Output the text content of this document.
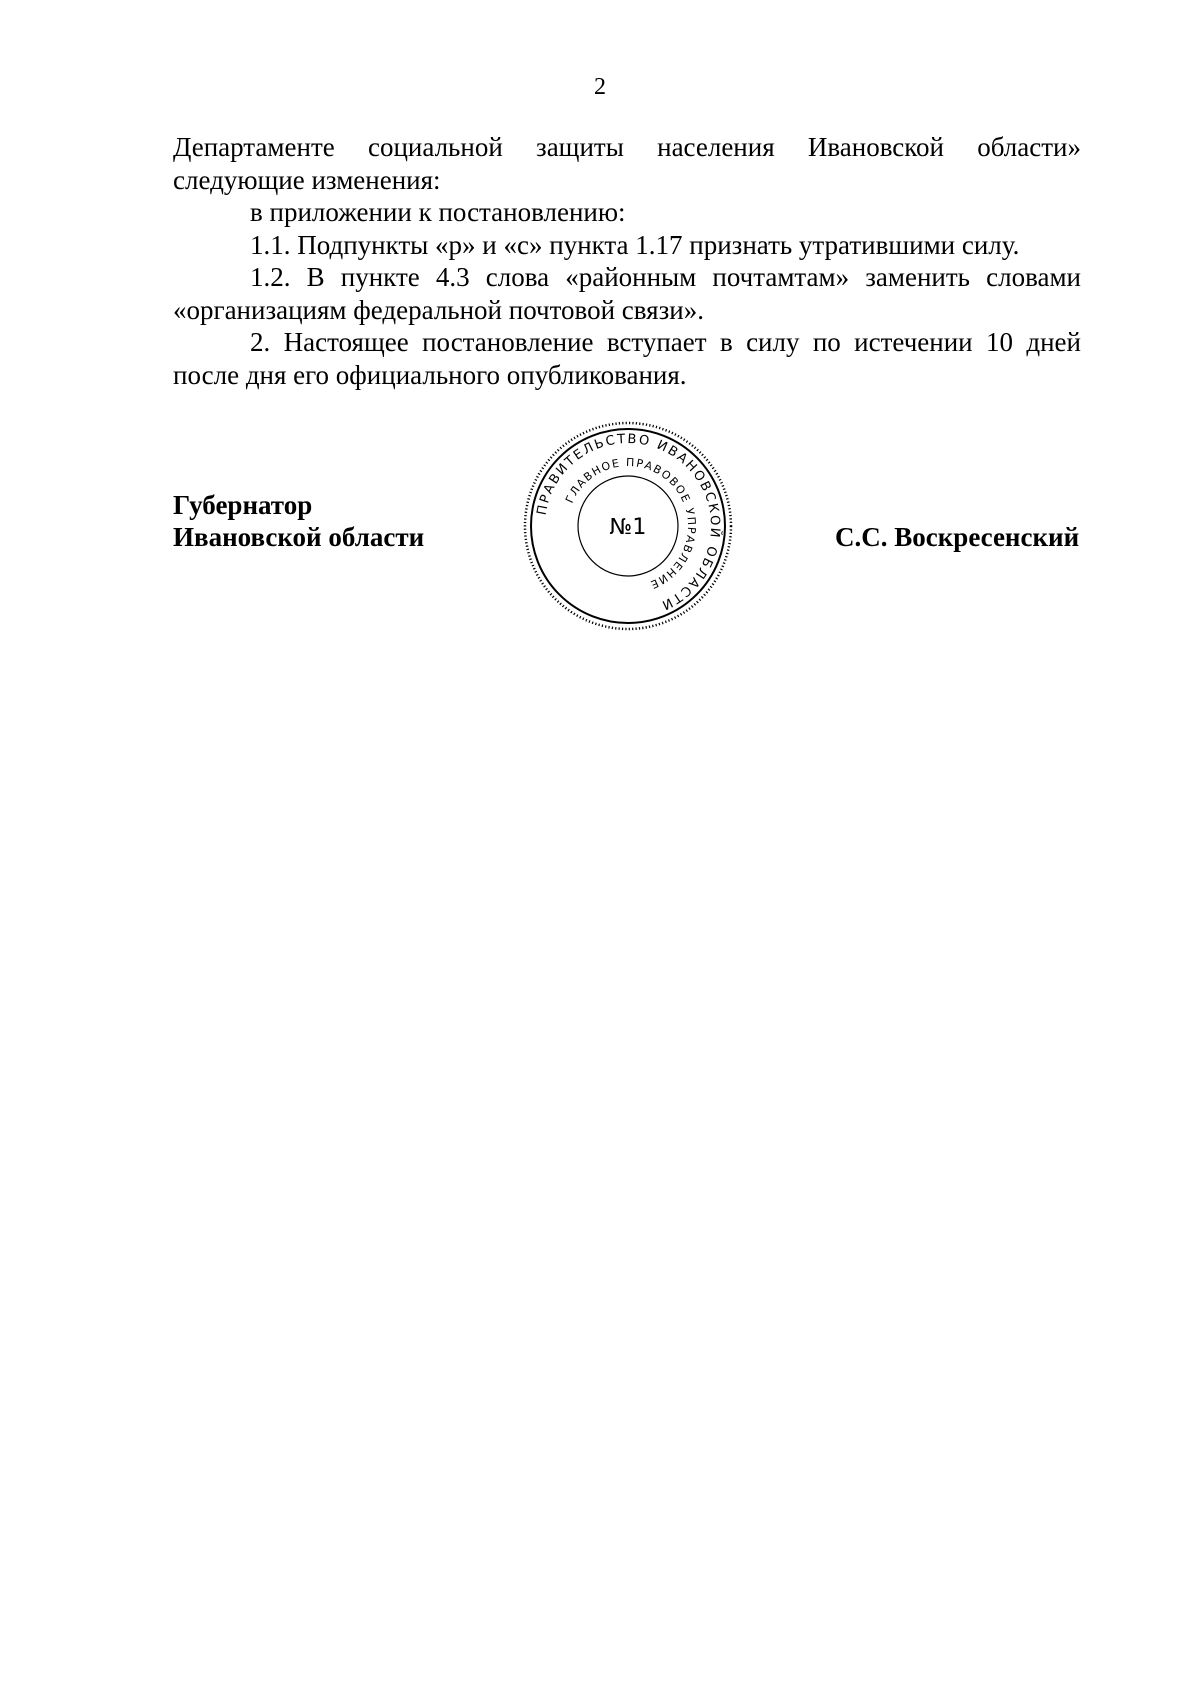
2

Департаменте социальной защиты населения Ивановской области» следующие изменения:

в приложении к постановлению:

1.1. Подпункты «р» и «с» пункта 1.17 признать утратившими силу.

1.2. В пункте 4.3 слова «районным почтамтам» заменить словами «организациям федеральной почтовой связи».

2. Настоящее постановление вступает в силу по истечении 10 дней после дня его официального опубликования.

Губернатор
Ивановской области
ПРАВИТЕЛЬСТВО ИВАНОВСКОЙ ОБЛАСТИ
ГЛАВНОЕ ПРАВОВОЕ УПРАВЛЕНИЕ
№1	С.С. Воскресенский
